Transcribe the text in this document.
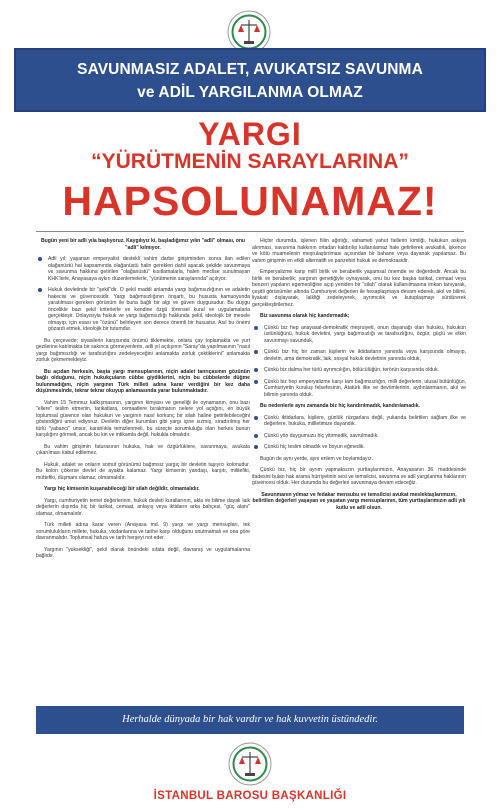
SAVUNMASIZ ADALET, AVUKATSIZ SAVUNMA
ve ADİL YARGILANMA OLMAZ
YARGI
“YÜRÜTMENİN SARAYLARINA”
HAPSOLUNAMAZ!

Bugün yeni bir adli yıla başlıyoruz. Kaygılıyız ki, başladığımız yılın "adli" olması, onu "adli" kılmıyor.

Adli yıl; yaşanan emperyalist destekli vahim darbe girişiminden sonra ilan edilen olağanüstü hal kapsamında olağanüstü halin gerekleri dahil aşacak şekilde savunmaya ve savunma hakkına getirilen "olağanüstü" kısıtlamalarla, halen meclise sunulmayan KHK'lerle, Anayasaya aykırı düzenlemelerle, "yürütmenin saraylarında" açılıyor.

Hukuk devletinde bir "şekil"dir. O şekil maddi anlamda yargı bağımsızlığının ve adaletin hakecisi ve güvencesidir. Yargı bağımsızlığının önşartı, bu hususta kamuoyunda yaratılması gereken görünüm ile buna bağlı bir algı ve güven duygusudur. Bu duygu öncelikle bazı şekil kriterlerle ve kendine özgü törensel kural ve uygulamalarla gerçekleşir. Dolayısıyla hukuk ve yargı bağımsızlığı hakkında şekil, ideolojik bir mesele olmayıp, için esası ve "özünü" belirleyen son derece önemli bir husustur. Asıl bu önemi gözardı etmek, ideolojik bir tutumdur.

Bu çerçevede; siyasilerin karşısında önümü tiklemekte, onlara çay toplamakta ve yurt gezilerine katılmakta bir sakınca görmeyenlerin, adli yıl açılışının "Saray"da yapılmasının "nasıl yargı bağımsızlığı ve tarafsızlığını zedeleyeceğini anlamakta zorluk çektiklerini" anlamakta zorluk çekmemekteyiz.

Bu açıdan herkesin, başta yargı mensuplarının, niçin adalet tanrıçasının gözünün bağlı olduğunu, niçin hukukçuların cübbe giydiklerini, niçin bu cübbelerde düğme bulunmadığını, niçin yargının Türk milleti adına karar verdiğini bir kez daha düşünmesinde, tekrar tekrar okuyup anlamasında yarar bulunmaktadır.

Vahim 15 Temmuz kalkışmasının, yargının kimyası ve geneliği ile oynamanın, onu bazı "ellere" teslim etmenin, tarikatlara, cemaatlere bırakmanın nelere yol açtığını, en büyük toplumsal güvence olan hukukun ve yargının nasıl korkunç bir silah haline getirilebileceğini gösterdiğini umut ediyoruz. Devletin diğer kurumları gibi yargı içine sızmış, sıradırılmış her türlü "yabancı" unsur, karanlıkla temizlenmeli, bu süreçte sorumluluğu olan herkes bunun karşılığını görmeli, ancak bu kin ve intikamla değil, hukukla olmalıdır.

Bu vahim girişimin faturasının hukuka, hak ve özgürlüklere, savunmaya, avukata çıkarılması kabul edilemez.

Hukuk, adalet ve onların somut görünümü bağımsız yargıç bir devletin taşıyıcı kolonudur. Bu kolon çökerse devlet de ayakta kalamaz. Yargı kimsenin yandaşı, karşıtı, militefiki, müttefiki, düşmanı olamaz, olmamalıdır.

Yargı hiç kimsenin kuşanabileceği bir silah değildir, olmamalıdır.

Yargı, cumhuriyetin temel değerlerinin, hukuk devleti kurallarının, akla ve bilime dayalı laik değerlerin dışında hiç bir tarikat, cemaat, anlayış veya iktidarın arka bahçesi, "güç alanı" olamaz, olmamalıdır.

Türk milleti adına karar veren (Anayasa md. 9) yargı ve yargı mensupları, tek sorumlulukların millete, hukuka, vicdanlarına ve tarihe karşı olduğunu unutmamalı ve ona göre davranmalıdır. Toplumsal hafıza ve tarih herşeyi not eder.

Yargının "yüksekliği", şekil olarak önündeki sıfata değil, davranış ve uygulamalarına bağlıdır.

Hiçbir durumda, işlenen fiilin ağırlığı, vahameti yahut faillerin kimliği, hukukun askıya alınması, savunma hakkının ortadan kaldırılıp kullanılamaz hale getirilerek avukatlık, işkence ve kötü muamelenin meşrulaştırılması açısından bir bahane veya dayanak yapılamaz. Bu vahim girişimin en etkili alternatifi ve panzehiri hukuk ve demokrasidir.

Emperyalizme karşı millî birlik ve beraberlik yaşamsal önemde ve değerdedir. Ancak bu birlik ve beraberlik; yargının genetiğiyle oynayarak, onu bu kez başka tarikat, cemaat veya benzeri yapıların egemenliğine açıp yeniden bir "silah" olarak kullanılmasına imkan tanıyarak, çeşitli görünümler altında Cumhuriyet değerleri ile hesaplaşmaya devam ederek, akıl ve bilimi, liyakati dışlayarak, laikliği zedeleyerek, ayrımcılık ve kutuplaşmayı sürdürerek gerçekleştirilemez.

Biz savunma olarak hiç kandırmadık;

Çünkü biz hep anayasal-demokratik meşruiyeti, onun dayanağı olan hukuku, hukukun üstünlüğünü, hukuk devletini, yargı bağımsızlığı ve tarafsızlığını, özgür, güçlü ve etkin savunmayı savunduk,

Çünkü biz hiç bir zaman kişilerin ve iktidarların yanında veya karşısında olmayıp, devletin, ama demokratik, laik, sosyal hukuk devletinin yanında olduk,

Çünkü biz dalma her türlü ayrımcılığın, bölücülüğün, terörün karşısında olduk.

Çünkü biz hep emperyalizme karşı tam bağımsızlığın, milli değerlerin, ulusal bütünlüğün, Cumhuriyetin kuruluş felsefesinin, Atatürk ilke ve devrimlerinin, aydınlanmanın, akıl ve bilimin yanında olduk.

Bu nedenlerle aynı zamanda biz hiç kandırılmadık, kandırılamadık.

Çünkü iktidarlara, kişilere, günlük rüzgarlara değil, yukarıda belirtilen sağlam ilke ve değerlere, hukuka, millletimize dayandık.

Çünkü yön duygumuzu hiç yitirmedik, savrulmadık.

Çünkü hiç teslim olmadık ve boyun eğmedik.

Bugün de aynı yerde, aynı enlem ve boylamdayız.

Çünkü biz, hiç bir ayrım yapmaksızın yurttaşlarımızın, Anayasanın 36. maddesinde ifadesini bulan hak arama hürriyetinin sesi ve temsilcisi, savunma ve adil yargılanma haklarının güvencesi olduk. Her durumda bu değerleri savunmaya devam edeceğiz.

Savunmanın yılmaz ve fedakar mensubu ve temsilcisi avukat meslektaşlarımızın, belirtilen değerleri yaşayan ve yaşatan yargı mensuplarının, tüm yurttaşlarımızın adli yılı kutlu ve adil olsun.

Herhalde dünyada bir hak vardır ve hak kuvvetin üstündedir.
İSTANBUL BAROSU BAŞKANLIĞI
